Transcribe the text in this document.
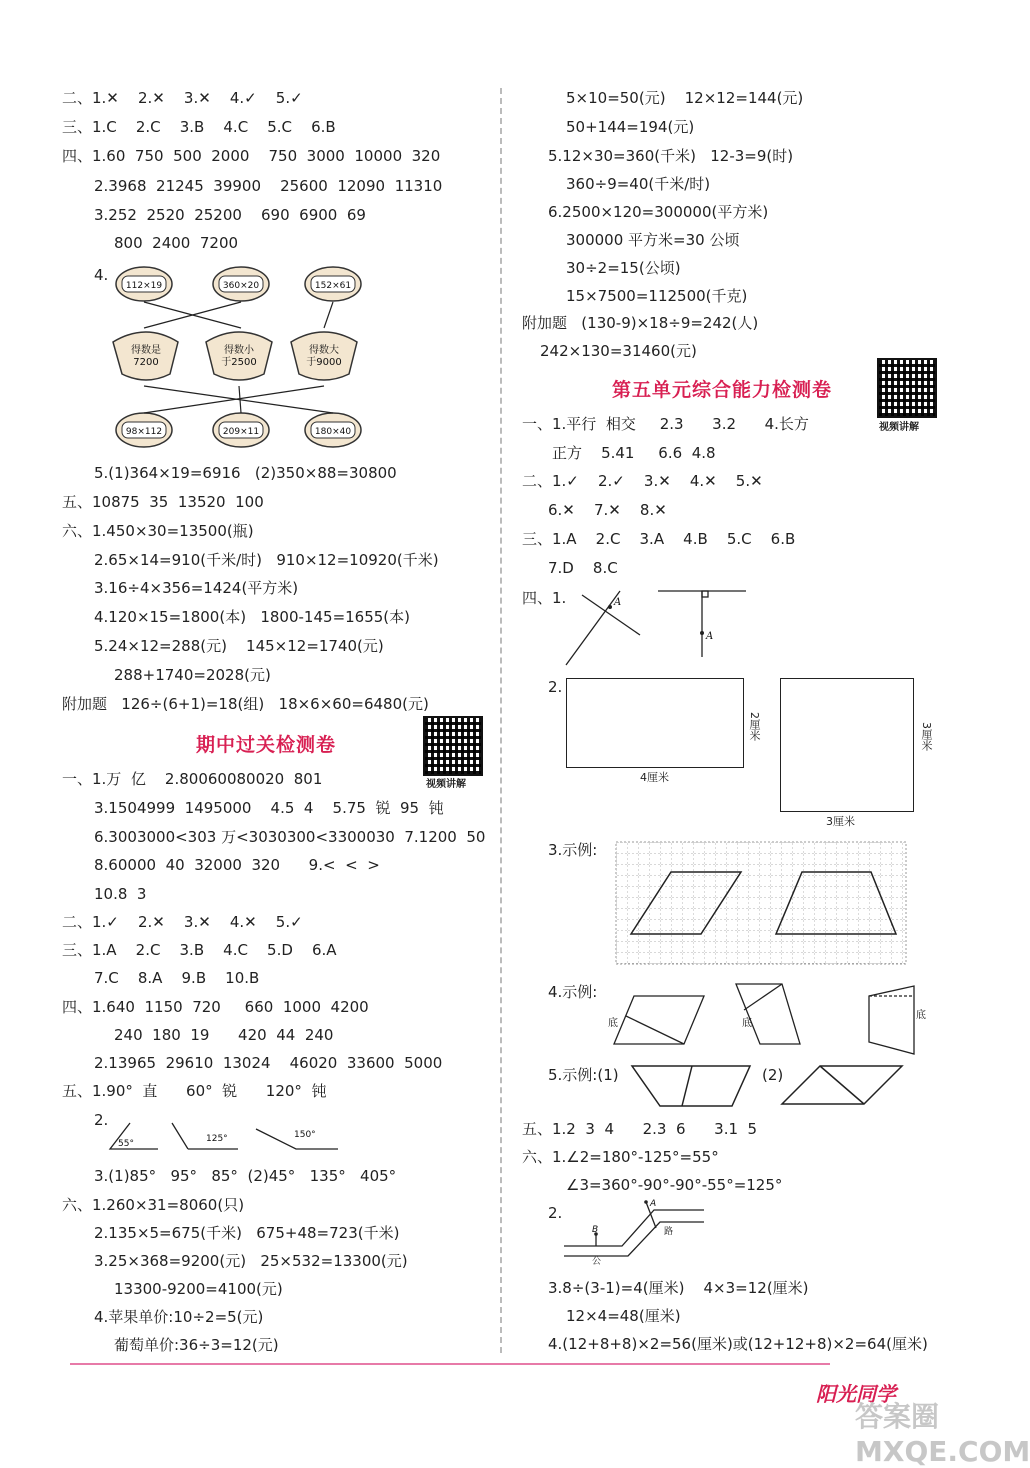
二、1.✕    2.✕    3.✕    4.✓    5.✓
三、1.C    2.C    3.B    4.C    5.C    6.B
四、1.60  750  500  2000    750  3000  10000  320
2.3968  21245  39900    25600  12090  11310
3.252  2520  25200    690  6900  69
800  2400  7200
4.
112×19	360×20	152×61
98×112	209×11	180×40
得数是 7200
得数小于2500
得数大于9000
5.(1)364×19=6916   (2)350×88=30800
五、10875  35  13520  100
六、1.450×30=13500(瓶)
2.65×14=910(千米/时)   910×12=10920(千米)
3.16÷4×356=1424(平方米)
4.120×15=1800(本)   1800-145=1655(本)
5.24×12=288(元)    145×12=1740(元)
288+1740=2028(元)
附加题   126÷(6+1)=18(组)   18×6×60=6480(元)
期中过关检测卷
视频讲解
一、1.万  亿    2.80060080020  801
3.1504999  1495000    4.5  4    5.75  锐  95  钝
6.3003000<303 万<3030300<3300030  7.1200  50
8.60000  40  32000  320      9.<  <  >
10.8  3
二、1.✓    2.✕    3.✕    4.✕    5.✓
三、1.A    2.C    3.B    4.C    5.D    6.A
7.C    8.A    9.B    10.B
四、1.640  1150  720     660  1000  4200
240  180  19      420  44  240
2.13965  29610  13024    46020  33600  5000
五、1.90°  直      60°  锐      120°  钝
2.
55°	125°	150°
3.(1)85°   95°   85°  (2)45°   135°   405°
六、1.260×31=8060(只)
2.135×5=675(千米)   675+48=723(千米)
3.25×368=9200(元)   25×532=13300(元)
13300-9200=4100(元)
4.苹果单价:10÷2=5(元)
葡萄单价:36÷3=12(元)
5×10=50(元)    12×12=144(元)
50+144=194(元)
5.12×30=360(千米)   12-3=9(时)
360÷9=40(千米/时)
6.2500×120=300000(平方米)
300000 平方米=30 公顷
30÷2=15(公顷)
15×7500=112500(千克)
附加题   (130-9)×18÷9=242(人)
242×130=31460(元)
第五单元综合能力检测卷
视频讲解
一、1.平行  相交     2.3      3.2      4.长方
正方    5.41     6.6  4.8
二、1.✓    2.✓    3.✕    4.✕    5.✕
6.✕    7.✕    8.✕
三、1.A    2.C    3.A    4.B    5.C    6.B
7.D    8.C
四、1.	A
A
2.
4厘米
2厘米
3厘米
3厘米
3.示例:
4.示例:
底	底
底
5.示例:(1)	(2)
五、1.2  3  4      2.3  6      3.1  5
六、1.∠2=180°-125°=55°
∠3=360°-90°-90°-55°=125°
2.	A
B	路
公
3.8÷(3-1)=4(厘米)    4×3=12(厘米)
12×4=48(厘米)
4.(12+8+8)×2=56(厘米)或(12+12+8)×2=64(厘米)
阳光同学
答案圈 MXQE.COM
